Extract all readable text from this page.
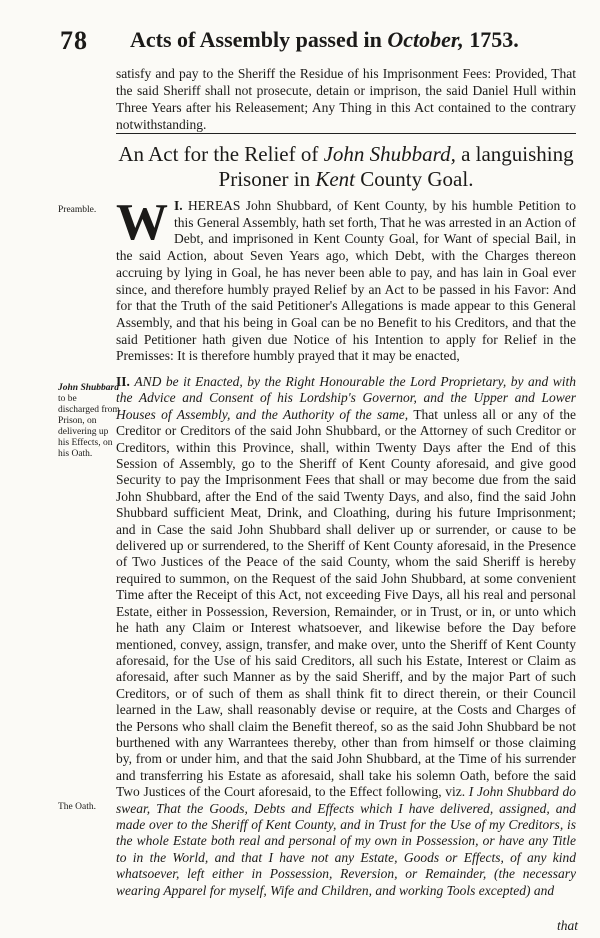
78 Acts of Assembly passed in October, 1753.
satisfy and pay to the Sheriff the Residue of his Imprisonment Fees: Provided, That the said Sheriff shall not prosecute, detain or imprison, the said Daniel Hull within Three Years after his Releasement; Any Thing in this Act contained to the contrary notwithstanding.
An Act for the Relief of John Shubbard, a languishing Prisoner in Kent County Goal.
Preamble.
John Shubbard to be discharged from Prison, on delivering up his Effects, on his Oath.
The Oath.
I.
W HEREAS John Shubbard, of Kent County, by his humble Petition to this General Assembly, hath set forth, That he was arrested in an Action of Debt, and imprisoned in Kent County Goal, for Want of special Bail, in the said Action, about Seven Years ago, which Debt, with the Charges thereon accruing by lying in Goal, he has never been able to pay, and has lain in Goal ever since, and therefore humbly prayed Relief by an Act to be passed in his Favor: And for that the Truth of the said Petitioner's Allegations is made appear to this General Assembly, and that his being in Goal can be no Benefit to his Creditors, and that the said Petitioner hath given due Notice of his Intention to apply for Relief in the Premisses: It is therefore humbly prayed that it may be enacted,
II. AND be it Enacted, by the Right Honourable the Lord Proprietary, by and with the Advice and Consent of his Lordship's Governor, and the Upper and Lower Houses of Assembly, and the Authority of the same, That unless all or any of the Creditor or Creditors of the said John Shubbard, or the Attorney of such Creditor or Creditors, within this Province, shall, within Twenty Days after the End of this Session of Assembly, go to the Sheriff of Kent County aforesaid, and give good Security to pay the Imprisonment Fees that shall or may become due from the said John Shubbard, after the End of the said Twenty Days, and also, find the said John Shubbard sufficient Meat, Drink, and Cloathing, during his future Imprisonment; and in Case the said John Shubbard shall deliver up or surrender, or cause to be delivered up or surrendered, to the Sheriff of Kent County aforesaid, in the Presence of Two Justices of the Peace of the said County, whom the said Sheriff is hereby required to summon, on the Request of the said John Shubbard, at some convenient Time after the Receipt of this Act, not exceeding Five Days, all his real and personal Estate, either in Possession, Reversion, Remainder, or in Trust, or in, or unto which he hath any Claim or Interest whatsoever, and likewise before the Day before mentioned, convey, assign, transfer, and make over, unto the Sheriff of Kent County aforesaid, for the Use of his said Creditors, all such his Estate, Interest or Claim as aforesaid, after such Manner as by the said Sheriff, and by the major Part of such Creditors, or of such of them as shall think fit to direct therein, or their Council learned in the Law, shall reasonably devise or require, at the Costs and Charges of the Persons who shall claim the Benefit thereof, so as the said John Shubbard be not burthened with any Warrantees thereby, other than from himself or those claiming by, from or under him, and that the said John Shubbard, at the Time of his surrender and transferring his Estate as aforesaid, shall take his solemn Oath, before the said Two Justices of the Court aforesaid, to the Effect following, viz. I John Shubbard do swear, That the Goods, Debts and Effects which I have delivered, assigned, and made over to the Sheriff of Kent County, and in Trust for the Use of my Creditors, is the whole Estate both real and personal of my own in Possession, or have any Title to in the World, and that I have not any Estate, Goods or Effects, of any kind whatsoever, left either in Possession, Reversion, or Remainder, (the necessary wearing Apparel for myself, Wife and Children, and working Tools excepted) and
that
